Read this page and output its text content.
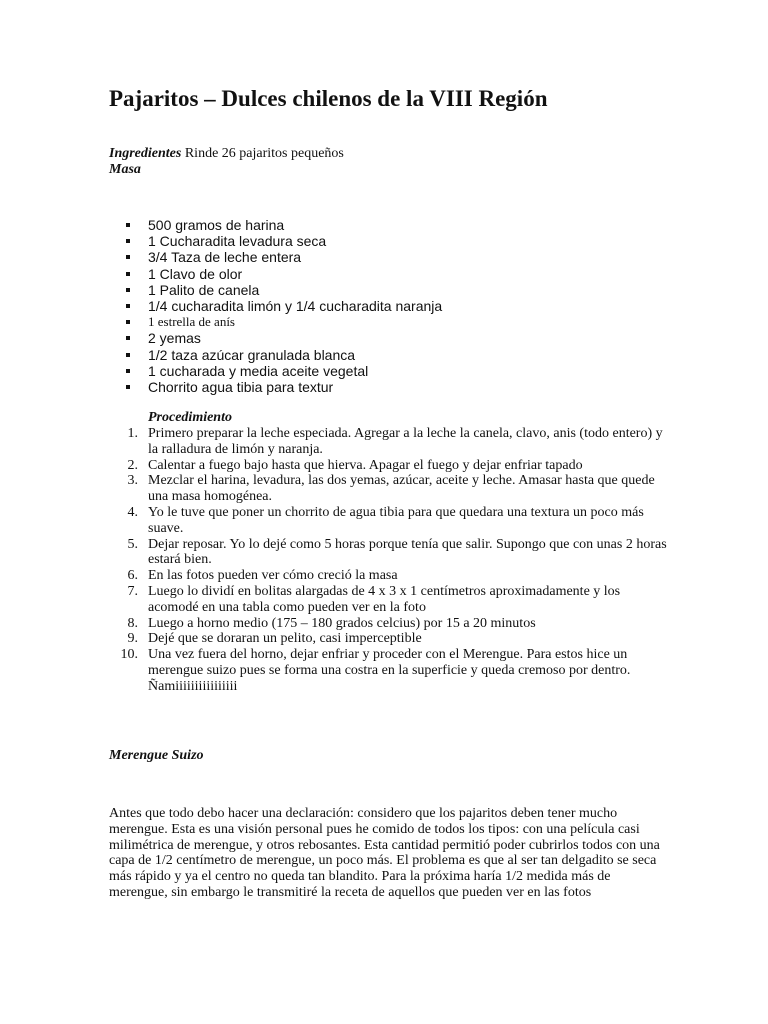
Pajaritos – Dulces chilenos de la VIII Región

Ingredientes Rinde 26 pajaritos pequeños

Masa

500 gramos de harina
1 Cucharadita levadura seca
3/4 Taza de leche entera
1 Clavo de olor
1 Palito de canela
1/4 cucharadita limón y 1/4 cucharadita naranja
1 estrella de anís
2 yemas
1/2 taza azúcar granulada blanca
1 cucharada y media aceite vegetal
Chorrito agua tibia para textur

Procedimiento

1. Primero preparar la leche especiada. Agregar a la leche la canela, clavo, anis (todo entero) y la ralladura de limón y naranja.
2. Calentar a fuego bajo hasta que hierva. Apagar el fuego y dejar enfriar tapado
3. Mezclar el harina, levadura, las dos yemas, azúcar, aceite y leche. Amasar hasta que quede una masa homogénea.
4. Yo le tuve que poner un chorrito de agua tibia para que quedara una textura un poco más suave.
5. Dejar reposar. Yo lo dejé como 5 horas porque tenía que salir. Supongo que con unas 2 horas estará bien.
6. En las fotos pueden ver cómo creció la masa
7. Luego lo dividí en bolitas alargadas de 4 x 3 x 1 centímetros aproximadamente y los acomodé en una tabla como pueden ver en la foto
8. Luego a horno medio (175 – 180 grados celcius) por 15 a 20 minutos
9. Dejé que se doraran un pelito, casi imperceptible
10. Una vez fuera del horno, dejar enfriar y proceder con el Merengue. Para estos hice un merengue suizo pues se forma una costra en la superficie y queda cremoso por dentro. Ñamiiiiiiiiiiiiiiii

Merengue Suizo

Antes que todo debo hacer una declaración: considero que los pajaritos deben tener mucho merengue. Esta es una visión personal pues he comido de todos los tipos: con una película casi milimétrica de merengue, y otros rebosantes. Esta cantidad permitió poder cubrirlos todos con una capa de 1/2 centímetro de merengue, un poco más. El problema es que al ser tan delgadito se seca más rápido y ya el centro no queda tan blandito. Para la próxima haría 1/2 medida más de merengue, sin embargo le transmitiré la receta de aquellos que pueden ver en las fotos
